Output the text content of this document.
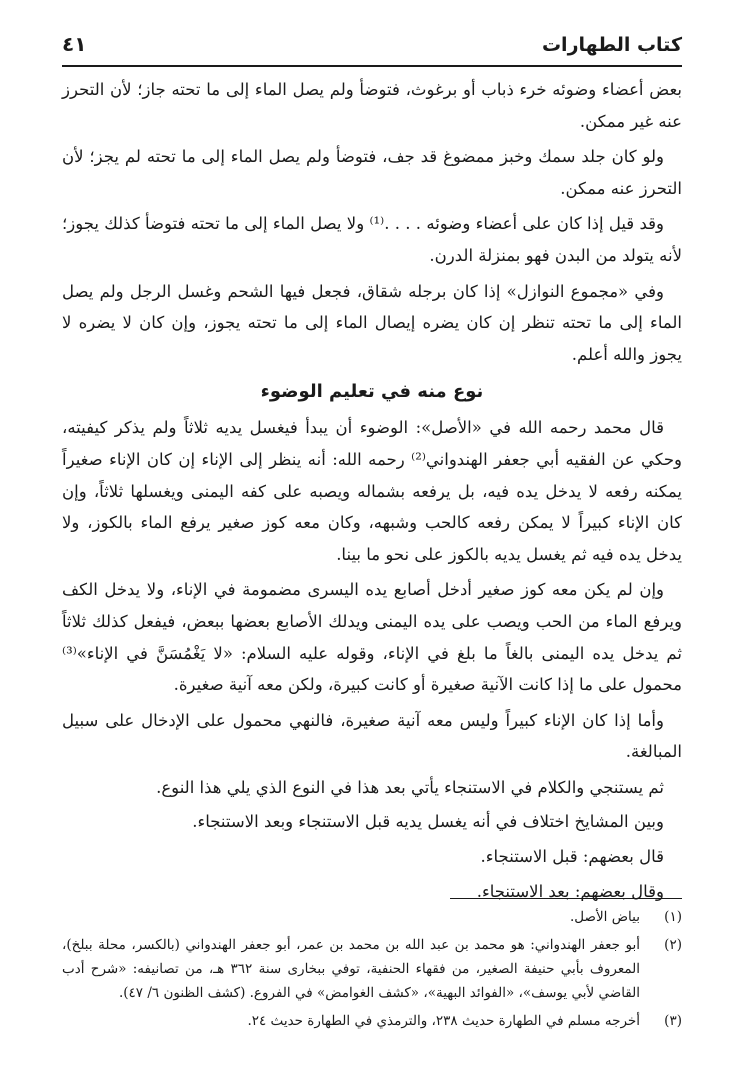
كتاب الطهارات
٤١

بعض أعضاء وضوئه خرء ذباب أو برغوث، فتوضأ ولم يصل الماء إلى ما تحته جاز؛ لأن التحرز عنه غير ممكن.

ولو كان جلد سمك وخبز ممضوغ قد جف، فتوضأ ولم يصل الماء إلى ما تحته لم يجز؛ لأن التحرز عنه ممكن.

وقد قيل إذا كان على أعضاء وضوئه . . . .⁽¹⁾ ولا يصل الماء إلى ما تحته فتوضأ كذلك يجوز؛ لأنه يتولد من البدن فهو بمنزلة الدرن.

وفي «مجموع النوازل» إذا كان برجله شقاق، فجعل فيها الشحم وغسل الرجل ولم يصل الماء إلى ما تحته تنظر إن كان يضره إيصال الماء إلى ما تحته يجوز، وإن كان لا يضره لا يجوز والله أعلم.

نوع منه في تعليم الوضوء

قال محمد رحمه الله في «الأصل»: الوضوء أن يبدأ فيغسل يديه ثلاثاً ولم يذكر كيفيته، وحكي عن الفقيه أبي جعفر الهندواني⁽²⁾ رحمه الله: أنه ينظر إلى الإناء إن كان الإناء صغيراً يمكنه رفعه لا يدخل يده فيه، بل يرفعه بشماله ويصبه على كفه اليمنى ويغسلها ثلاثاً، وإن كان الإناء كبيراً لا يمكن رفعه كالحب وشبهه، وكان معه كوز صغير يرفع الماء بالكوز، ولا يدخل يده فيه ثم يغسل يديه بالكوز على نحو ما بينا.

وإن لم يكن معه كوز صغير أدخل أصابع يده اليسرى مضمومة في الإناء، ولا يدخل الكف ويرفع الماء من الحب ويصب على يده اليمنى ويدلك الأصابع بعضها ببعض، فيفعل كذلك ثلاثاً ثم يدخل يده اليمنى بالغاً ما بلغ في الإناء، وقوله عليه السلام: «لا يَغْمُسَنَّ في الإناء»⁽³⁾ محمول على ما إذا كانت الآنية صغيرة أو كانت كبيرة، ولكن معه آنية صغيرة.

وأما إذا كان الإناء كبيراً وليس معه آنية صغيرة، فالنهي محمول على الإدخال على سبيل المبالغة.

ثم يستنجي والكلام في الاستنجاء يأتي بعد هذا في النوع الذي يلي هذا النوع.

وبين المشايخ اختلاف في أنه يغسل يديه قبل الاستنجاء وبعد الاستنجاء.

قال بعضهم: قبل الاستنجاء.

وقال بعضهم: بعد الاستنجاء.

(١)
بياض الأصل.
(٢)
أبو جعفر الهندواني: هو محمد بن عبد الله بن محمد بن عمر، أبو جعفر الهندواني (بالكسر، محلة ببلخ)، المعروف بأبي حنيفة الصغير، من فقهاء الحنفية، توفي ببخارى سنة ٣٦٢ هـ، من تصانيفه: «شرح أدب القاضي لأبي يوسف»، «الفوائد البهية»، «كشف الغوامض» في الفروع. (كشف الظنون ٦/ ٤٧).
(٣)
أخرجه مسلم في الطهارة حديث ٢٣٨، والترمذي في الطهارة حديث ٢٤.
